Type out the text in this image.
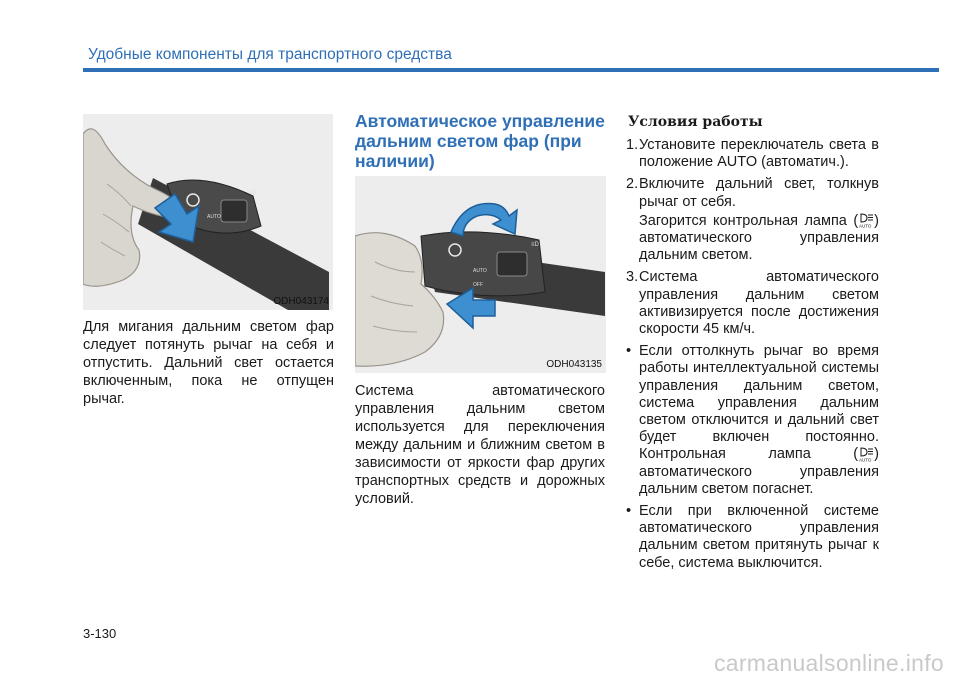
Удобные компоненты для транспортного средства
≡D
AUTO
ODH043174
Для мигания дальним светом фар следует потянуть рычаг на себя и отпустить. Дальний свет остается включенным, пока не отпущен рычаг.
Автоматическое управление дальним светом фар (при наличии)
≡D
AUTO
OFF
ODH043135
Система автоматического управления дальним светом используется для переключения между дальним и ближним светом в зависимости от яркости фар других транспортных средств и дорожных условий.
Условия работы
1. Установите переключатель света в положение AUTO (автоматич.).
2. Включите дальний свет, толкнув рычаг от себя.
Загорится контрольная лампа ( AUTO ) автоматического управления дальним светом.
3. Система автоматического управления дальним светом активизируется после достижения скорости 45 км/ч.
• Если оттолкнуть рычаг во время работы интеллектуальной системы управления дальним светом, система управления дальним светом отключится и дальний свет будет включен постоянно. Контрольная лампа ( AUTO ) автоматического управления дальним светом погаснет.
• Если при включенной системе автоматического управления дальним светом притянуть рычаг к себе, система выключится.
3-130
carmanualsonline.info
